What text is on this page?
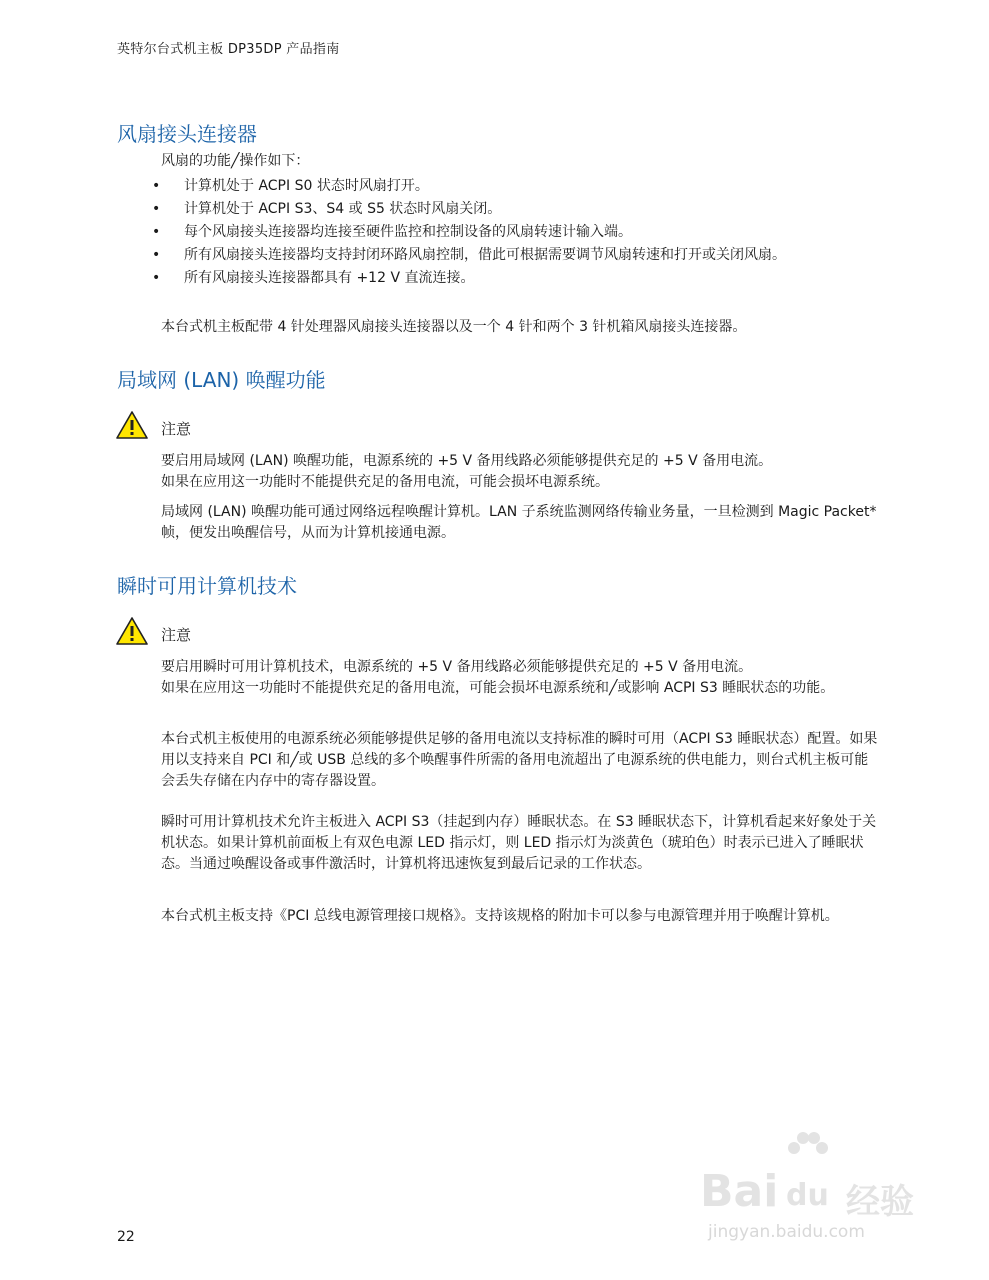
英特尔台式机主板 DP35DP 产品指南
风扇接头连接器

风扇的功能╱操作如下：

• 计算机处于 ACPI S0 状态时风扇打开。
• 计算机处于 ACPI S3、S4 或 S5 状态时风扇关闭。
• 每个风扇接头连接器均连接至硬件监控和控制设备的风扇转速计输入端。
• 所有风扇接头连接器均支持封闭环路风扇控制，借此可根据需要调节风扇转速和打开或关闭风扇。
• 所有风扇接头连接器都具有 +12 V 直流连接。

本台式机主板配带 4 针处理器风扇接头连接器以及一个 4 针和两个 3 针机箱风扇接头连接器。

局域网 (LAN) 唤醒功能
注意

要启用局域网 (LAN) 唤醒功能，电源系统的 +5 V 备用线路必须能够提供充足的 +5 V 备用电流。

如果在应用这一功能时不能提供充足的备用电流，可能会损坏电源系统。

局域网 (LAN) 唤醒功能可通过网络远程唤醒计算机。LAN 子系统监测网络传输业务量，一旦检测到 Magic Packet* 帧，便发出唤醒信号，从而为计算机接通电源。

瞬时可用计算机技术
注意

要启用瞬时可用计算机技术，电源系统的 +5 V 备用线路必须能够提供充足的 +5 V 备用电流。

如果在应用这一功能时不能提供充足的备用电流，可能会损坏电源系统和╱或影响 ACPI S3 睡眠状态的功能。

本台式机主板使用的电源系统必须能够提供足够的备用电流以支持标准的瞬时可用（ACPI S3 睡眠状态）配置。如果用以支持来自 PCI 和╱或 USB 总线的多个唤醒事件所需的备用电流超出了电源系统的供电能力，则台式机主板可能会丢失存储在内存中的寄存器设置。

瞬时可用计算机技术允许主板进入 ACPI S3（挂起到内存）睡眠状态。在 S3 睡眠状态下，计算机看起来好象处于关机状态。如果计算机前面板上有双色电源 LED 指示灯，则 LED 指示灯为淡黄色（琥珀色）时表示已进入了睡眠状态。当通过唤醒设备或事件激活时，计算机将迅速恢复到最后记录的工作状态。

本台式机主板支持《PCI 总线电源管理接口规格》。支持该规格的附加卡可以参与电源管理并用于唤醒计算机。

22
Bai du 经验
jingyan.baidu.com
